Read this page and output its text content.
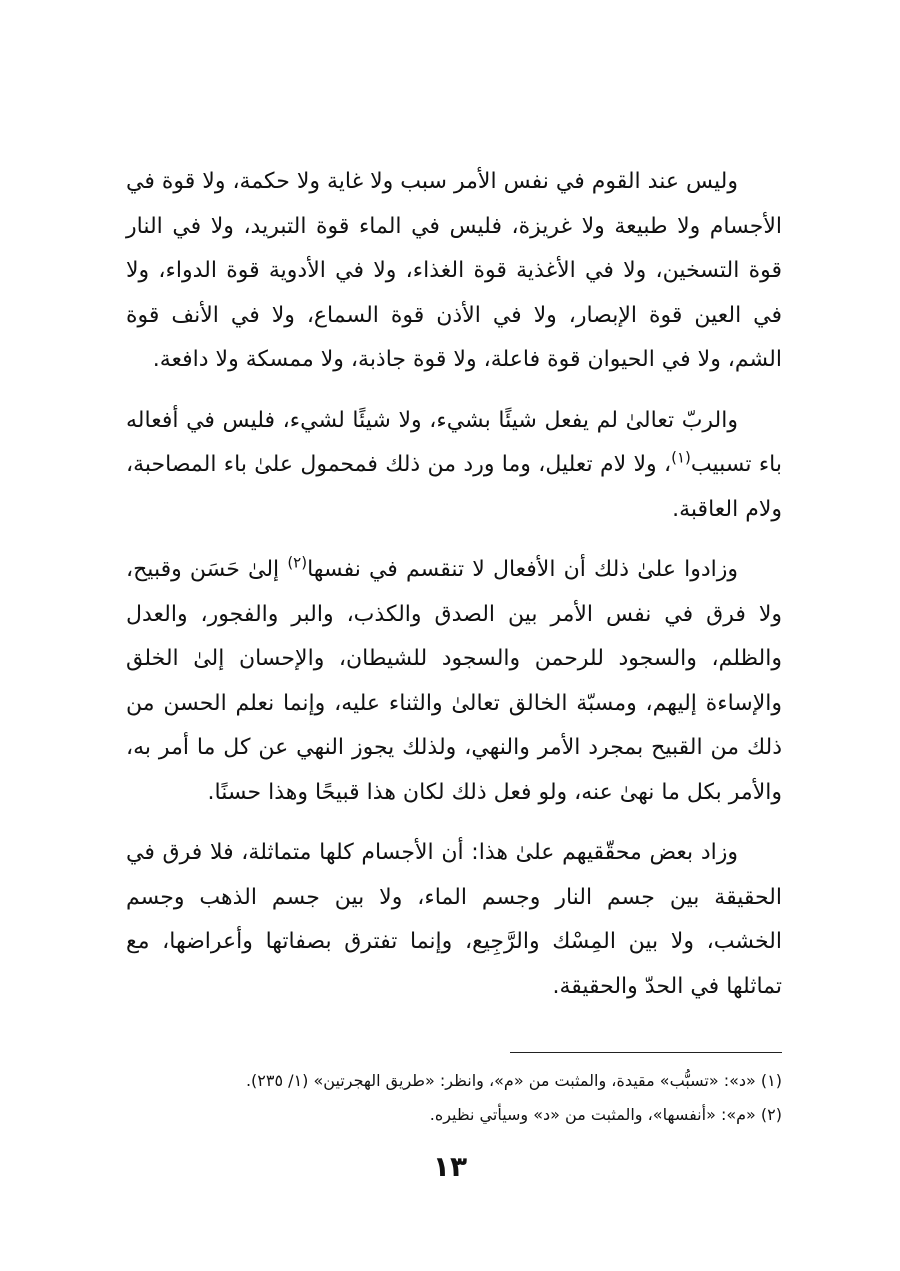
وليس عند القوم في نفس الأمر سبب ولا غاية ولا حكمة، ولا قوة في الأجسام ولا طبيعة ولا غريزة، فليس في الماء قوة التبريد، ولا في النار قوة التسخين، ولا في الأغذية قوة الغذاء، ولا في الأدوية قوة الدواء، ولا في العين قوة الإبصار، ولا في الأذن قوة السماع، ولا في الأنف قوة الشم، ولا في الحيوان قوة فاعلة، ولا قوة جاذبة، ولا ممسكة ولا دافعة.

والربّ تعالىٰ لم يفعل شيئًا بشيء، ولا شيئًا لشيء، فليس في أفعاله باء تسبيب$^{(١)}$، ولا لام تعليل، وما ورد من ذلك فمحمول علىٰ باء المصاحبة، ولام العاقبة.

وزادوا علىٰ ذلك أن الأفعال لا تنقسم في نفسها$^{(٢)}$ إلىٰ حَسَن وقبيح، ولا فرق في نفس الأمر بين الصدق والكذب، والبر والفجور، والعدل والظلم، والسجود للرحمن والسجود للشيطان، والإحسان إلىٰ الخلق والإساءة إليهم، ومسبّة الخالق تعالىٰ والثناء عليه، وإنما نعلم الحسن من ذلك من القبيح بمجرد الأمر والنهي، ولذلك يجوز النهي عن كل ما أمر به، والأمر بكل ما نهىٰ عنه، ولو فعل ذلك لكان هذا قبيحًا وهذا حسنًا.

وزاد بعض محقّقيهم علىٰ هذا: أن الأجسام كلها متماثلة، فلا فرق في الحقيقة بين جسم النار وجسم الماء، ولا بين جسم الذهب وجسم الخشب، ولا بين المِسْك والرَّجِيع، وإنما تفترق بصفاتها وأعراضها، مع تماثلها في الحدّ والحقيقة.

(١) «د»: «تسبُّب» مقيدة، والمثبت من «م»، وانظر: «طريق الهجرتين» (١/ ٢٣٥).

(٢) «م»: «أنفسها»، والمثبت من «د» وسيأتي نظيره.

١٣
